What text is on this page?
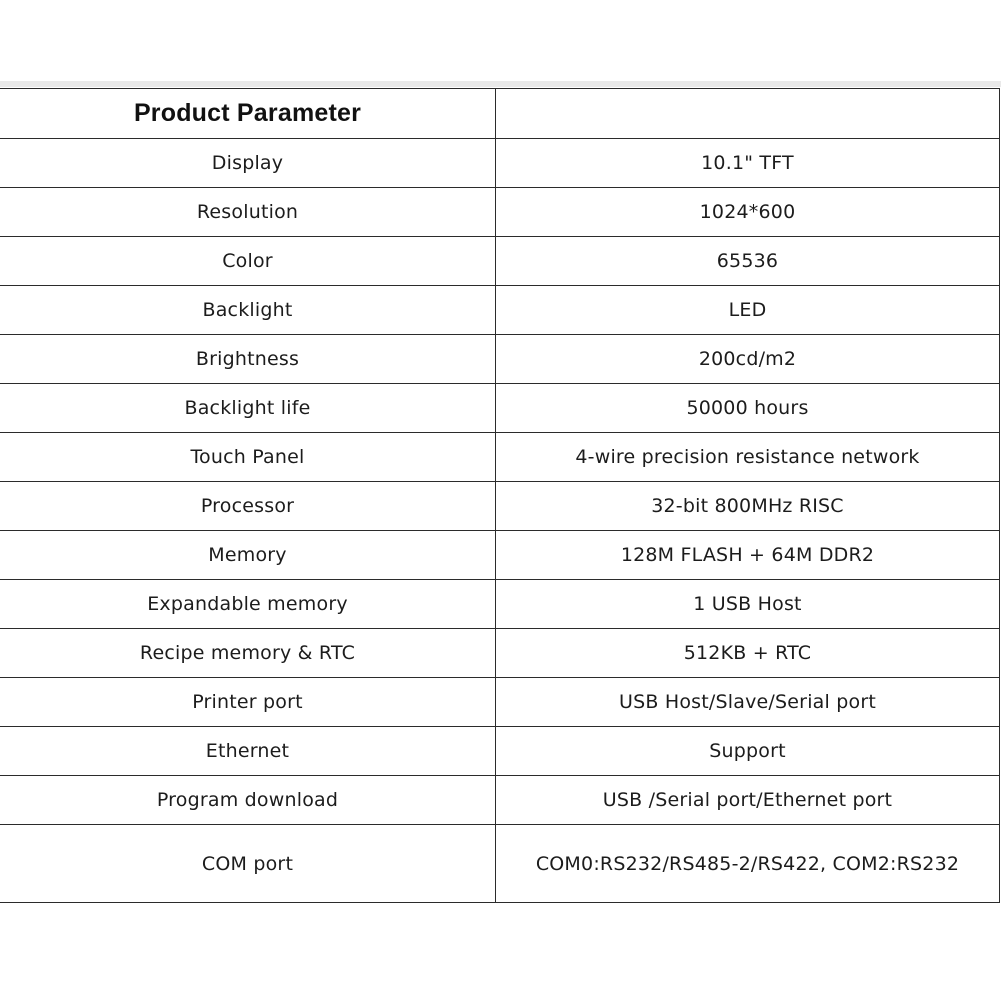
Product Parameter	
Display	10.1" TFT
Resolution	1024*600
Color	65536
Backlight	LED
Brightness	200cd/m2
Backlight life	50000 hours
Touch Panel	4-wire precision resistance network
Processor	32-bit 800MHz RISC
Memory	128M FLASH + 64M DDR2
Expandable memory	1 USB Host
Recipe memory & RTC	512KB + RTC
Printer port	USB Host/Slave/Serial port
Ethernet	Support
Program download	USB /Serial port/Ethernet port
COM port	COM0:RS232/RS485-2/RS422, COM2:RS232
